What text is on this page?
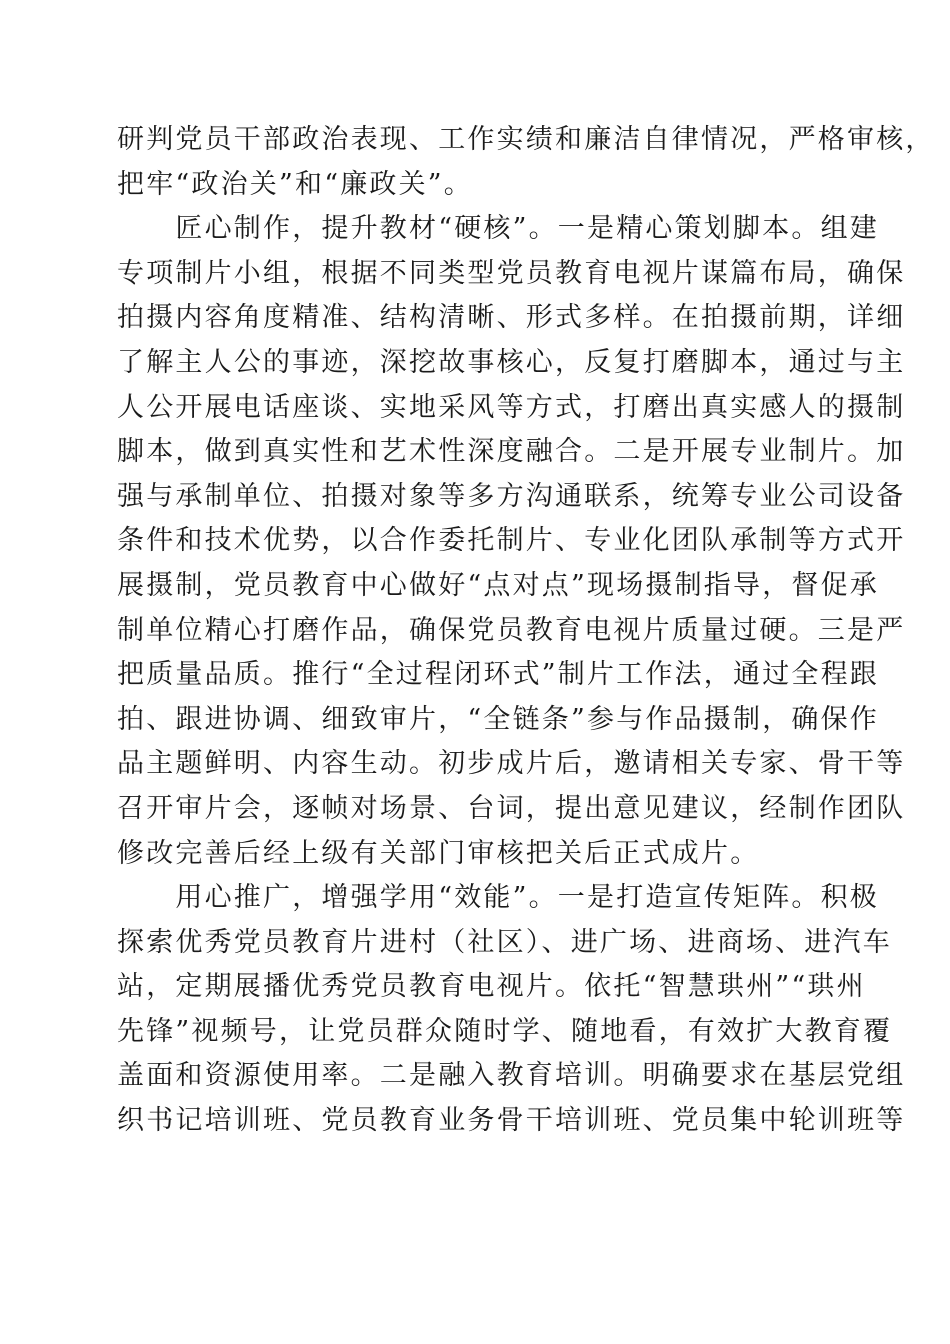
研判党员干部政治表现、工作实绩和廉洁自律情况，严格审核，
把牢“政治关”和“廉政关”。
　　匠心制作，提升教材“硬核”。一是精心策划脚本。组建
专项制片小组，根据不同类型党员教育电视片谋篇布局，确保
拍摄内容角度精准、结构清晰、形式多样。在拍摄前期，详细
了解主人公的事迹，深挖故事核心，反复打磨脚本，通过与主
人公开展电话座谈、实地采风等方式，打磨出真实感人的摄制
脚本，做到真实性和艺术性深度融合。二是开展专业制片。加
强与承制单位、拍摄对象等多方沟通联系，统筹专业公司设备
条件和技术优势，以合作委托制片、专业化团队承制等方式开
展摄制，党员教育中心做好“点对点”现场摄制指导，督促承
制单位精心打磨作品，确保党员教育电视片质量过硬。三是严
把质量品质。推行“全过程闭环式”制片工作法，通过全程跟
拍、跟进协调、细致审片，“全链条”参与作品摄制，确保作
品主题鲜明、内容生动。初步成片后，邀请相关专家、骨干等
召开审片会，逐帧对场景、台词，提出意见建议，经制作团队
修改完善后经上级有关部门审核把关后正式成片。
　　用心推广，增强学用“效能”。一是打造宣传矩阵。积极
探索优秀党员教育片进村（社区）、进广场、进商场、进汽车
站，定期展播优秀党员教育电视片。依托“智慧珙州”“珙州
先锋”视频号，让党员群众随时学、随地看，有效扩大教育覆
盖面和资源使用率。二是融入教育培训。明确要求在基层党组
织书记培训班、党员教育业务骨干培训班、党员集中轮训班等
